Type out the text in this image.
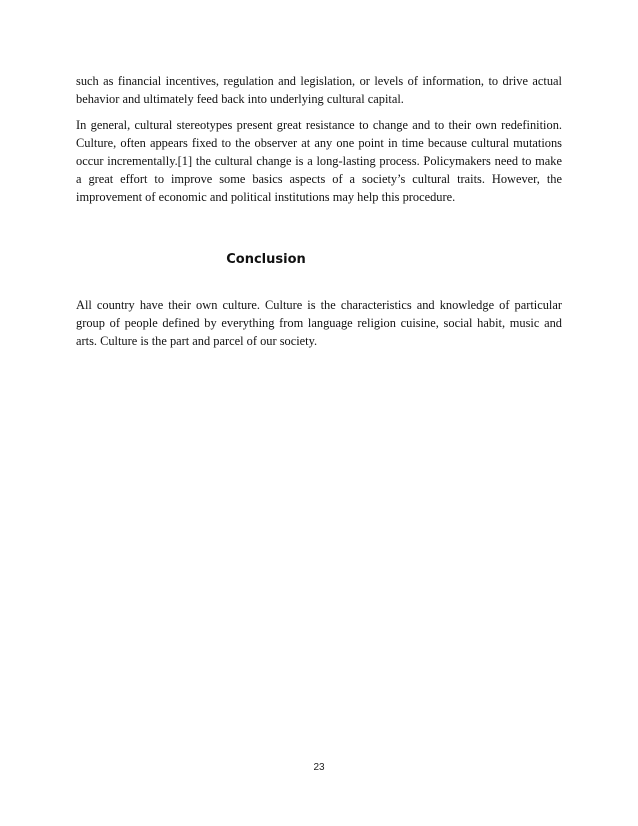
such as financial incentives, regulation and legislation, or levels of information, to drive actual behavior and ultimately feed back into underlying cultural capital.

In general, cultural stereotypes present great resistance to change and to their own redefinition. Culture, often appears fixed to the observer at any one point in time because cultural mutations occur incrementally.[1] the cultural change is a long-lasting process. Policymakers need to make a great effort to improve some basics aspects of a society’s cultural traits. However, the improvement of economic and political institutions may help this procedure.

Conclusion

All country have their own culture. Culture is the characteristics and knowledge of particular group of people defined by everything from language religion cuisine, social habit, music and arts. Culture is the part and parcel of our society.

23
